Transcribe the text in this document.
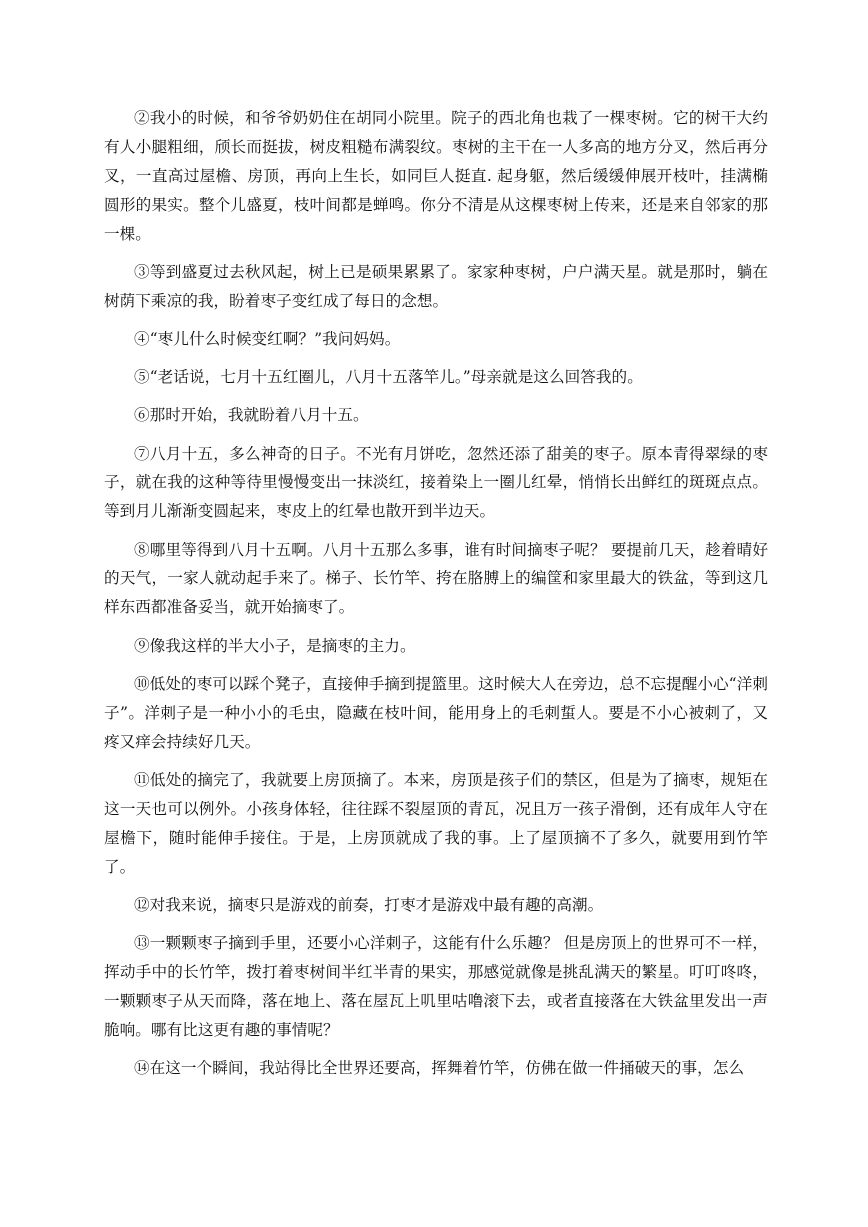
②我小的时候，和爷爷奶奶住在胡同小院里。院子的西北角也栽了一棵枣树。它的树干大约有人小腿粗细，颀长而挺拔，树皮粗糙布满裂纹。枣树的主干在一人多高的地方分叉，然后再分叉，一直高过屋檐、房顶，再向上生长，如同巨人挺直. 起身躯，然后缓缓伸展开枝叶，挂满椭圆形的果实。整个儿盛夏，枝叶间都是蝉鸣。你分不清是从这棵枣树上传来，还是来自邻家的那一棵。

③等到盛夏过去秋风起，树上已是硕果累累了。家家种枣树，户户满天星。就是那时，躺在树荫下乘凉的我，盼着枣子变红成了每日的念想。

④“枣儿什么时候变红啊？”我问妈妈。

⑤“老话说，七月十五红圈儿，八月十五落竿儿。”母亲就是这么回答我的。

⑥那时开始，我就盼着八月十五。

⑦八月十五，多么神奇的日子。不光有月饼吃，忽然还添了甜美的枣子。原本青得翠绿的枣子，就在我的这种等待里慢慢变出一抹淡红，接着染上一圈儿红晕，悄悄长出鲜红的斑斑点点。等到月儿渐渐变圆起来，枣皮上的红晕也散开到半边天。

⑧哪里等得到八月十五啊。八月十五那么多事，谁有时间摘枣子呢？ 要提前几天，趁着晴好的天气，一家人就动起手来了。梯子、长竹竿、挎在胳膊上的编筐和家里最大的铁盆，等到这几样东西都准备妥当，就开始摘枣了。

⑨像我这样的半大小子，是摘枣的主力。

⑩低处的枣可以踩个凳子，直接伸手摘到提篮里。这时候大人在旁边，总不忘提醒小心“洋刺子”。洋刺子是一种小小的毛虫，隐藏在枝叶间，能用身上的毛刺蜇人。要是不小心被刺了，又疼又痒会持续好几天。

⑪低处的摘完了，我就要上房顶摘了。本来，房顶是孩子们的禁区，但是为了摘枣，规矩在这一天也可以例外。小孩身体轻，往往踩不裂屋顶的青瓦，况且万一孩子滑倒，还有成年人守在屋檐下，随时能伸手接住。于是，上房顶就成了我的事。上了屋顶摘不了多久，就要用到竹竿了。

⑫对我来说，摘枣只是游戏的前奏，打枣才是游戏中最有趣的高潮。

⑬一颗颗枣子摘到手里，还要小心洋刺子，这能有什么乐趣？ 但是房顶上的世界可不一样，挥动手中的长竹竿，拨打着枣树间半红半青的果实，那感觉就像是挑乱满天的繁星。叮叮咚咚，一颗颗枣子从天而降，落在地上、落在屋瓦上叽里咕噜滚下去，或者直接落在大铁盆里发出一声脆响。哪有比这更有趣的事情呢？

⑭在这一个瞬间，我站得比全世界还要高，挥舞着竹竿，仿佛在做一件捅破天的事，怎么
